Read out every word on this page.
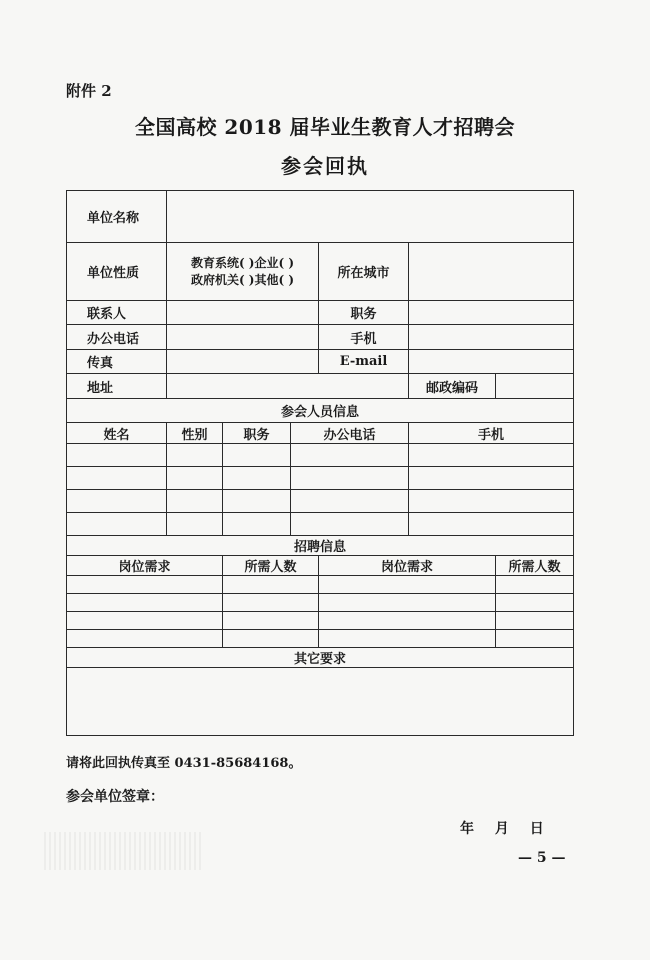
附件 2
全国高校 2018 届毕业生教育人才招聘会
参会回执
单位名称						
单位性质	教育系统( )企业( )
政府机关( )其他( )			所在城市		
联系人				职务		
办公电话				手机		
传真				E-mail		
地址					邮政编码	
参会人员信息						
姓名	性别	职务	办公电话		手机	

招聘信息						
岗位需求		所需人数		岗位需求		所需人数

其它要求						

请将此回执传真至 0431-85684168。
参会单位签章：
年 月 日
— 5 —
